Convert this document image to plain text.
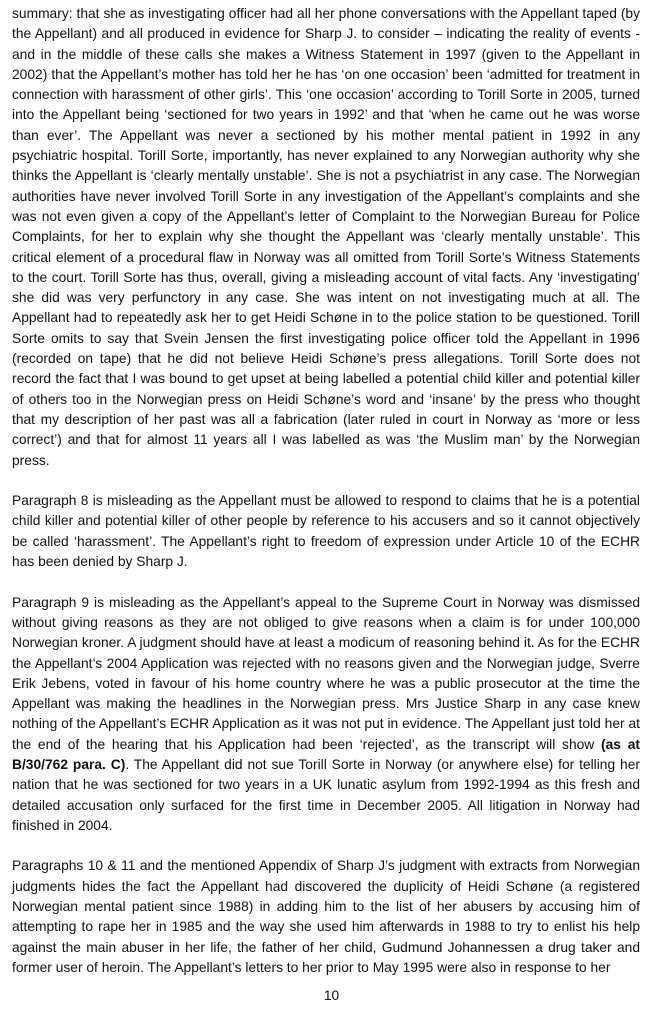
summary: that she as investigating officer had all her phone conversations with the Appellant taped (by the Appellant) and all produced in evidence for Sharp J. to consider – indicating the reality of events - and in the middle of these calls she makes a Witness Statement in 1997 (given to the Appellant in 2002) that the Appellant’s mother has told her he has ‘on one occasion’ been ‘admitted for treatment in connection with harassment of other girls’. This ‘one occasion’ according to Torill Sorte in 2005, turned into the Appellant being ‘sectioned for two years in 1992’ and that ‘when he came out he was worse than ever’. The Appellant was never a sectioned by his mother mental patient in 1992 in any psychiatric hospital. Torill Sorte, importantly, has never explained to any Norwegian authority why she thinks the Appellant is ‘clearly mentally unstable’. She is not a psychiatrist in any case. The Norwegian authorities have never involved Torill Sorte in any investigation of the Appellant’s complaints and she was not even given a copy of the Appellant’s letter of Complaint to the Norwegian Bureau for Police Complaints, for her to explain why she thought the Appellant was ‘clearly mentally unstable’. This critical element of a procedural flaw in Norway was all omitted from Torill Sorte’s Witness Statements to the court. Torill Sorte has thus, overall, giving a misleading account of vital facts. Any ‘investigating’ she did was very perfunctory in any case. She was intent on not investigating much at all. The Appellant had to repeatedly ask her to get Heidi Schøne in to the police station to be questioned. Torill Sorte omits to say that Svein Jensen the first investigating police officer told the Appellant in 1996 (recorded on tape) that he did not believe Heidi Schøne’s press allegations. Torill Sorte does not record the fact that I was bound to get upset at being labelled a potential child killer and potential killer of others too in the Norwegian press on Heidi Schøne’s word and ‘insane’ by the press who thought that my description of her past was all a fabrication (later ruled in court in Norway as ‘more or less correct’) and that for almost 11 years all I was labelled as was ‘the Muslim man’ by the Norwegian press.

Paragraph 8 is misleading as the Appellant must be allowed to respond to claims that he is a potential child killer and potential killer of other people by reference to his accusers and so it cannot objectively be called ‘harassment’. The Appellant’s right to freedom of expression under Article 10 of the ECHR has been denied by Sharp J.

Paragraph 9 is misleading as the Appellant’s appeal to the Supreme Court in Norway was dismissed without giving reasons as they are not obliged to give reasons when a claim is for under 100,000 Norwegian kroner. A judgment should have at least a modicum of reasoning behind it. As for the ECHR the Appellant’s 2004 Application was rejected with no reasons given and the Norwegian judge, Sverre Erik Jebens, voted in favour of his home country where he was a public prosecutor at the time the Appellant was making the headlines in the Norwegian press. Mrs Justice Sharp in any case knew nothing of the Appellant’s ECHR Application as it was not put in evidence. The Appellant just told her at the end of the hearing that his Application had been ‘rejected’, as the transcript will show (as at B/30/762 para. C). The Appellant did not sue Torill Sorte in Norway (or anywhere else) for telling her nation that he was sectioned for two years in a UK lunatic asylum from 1992-1994 as this fresh and detailed accusation only surfaced for the first time in December 2005. All litigation in Norway had finished in 2004.

Paragraphs 10 & 11 and the mentioned Appendix of Sharp J’s judgment with extracts from Norwegian judgments hides the fact the Appellant had discovered the duplicity of Heidi Schøne (a registered Norwegian mental patient since 1988) in adding him to the list of her abusers by accusing him of attempting to rape her in 1985 and the way she used him afterwards in 1988 to try to enlist his help against the main abuser in her life, the father of her child, Gudmund Johannessen a drug taker and former user of heroin. The Appellant’s letters to her prior to May 1995 were also in response to her

10
